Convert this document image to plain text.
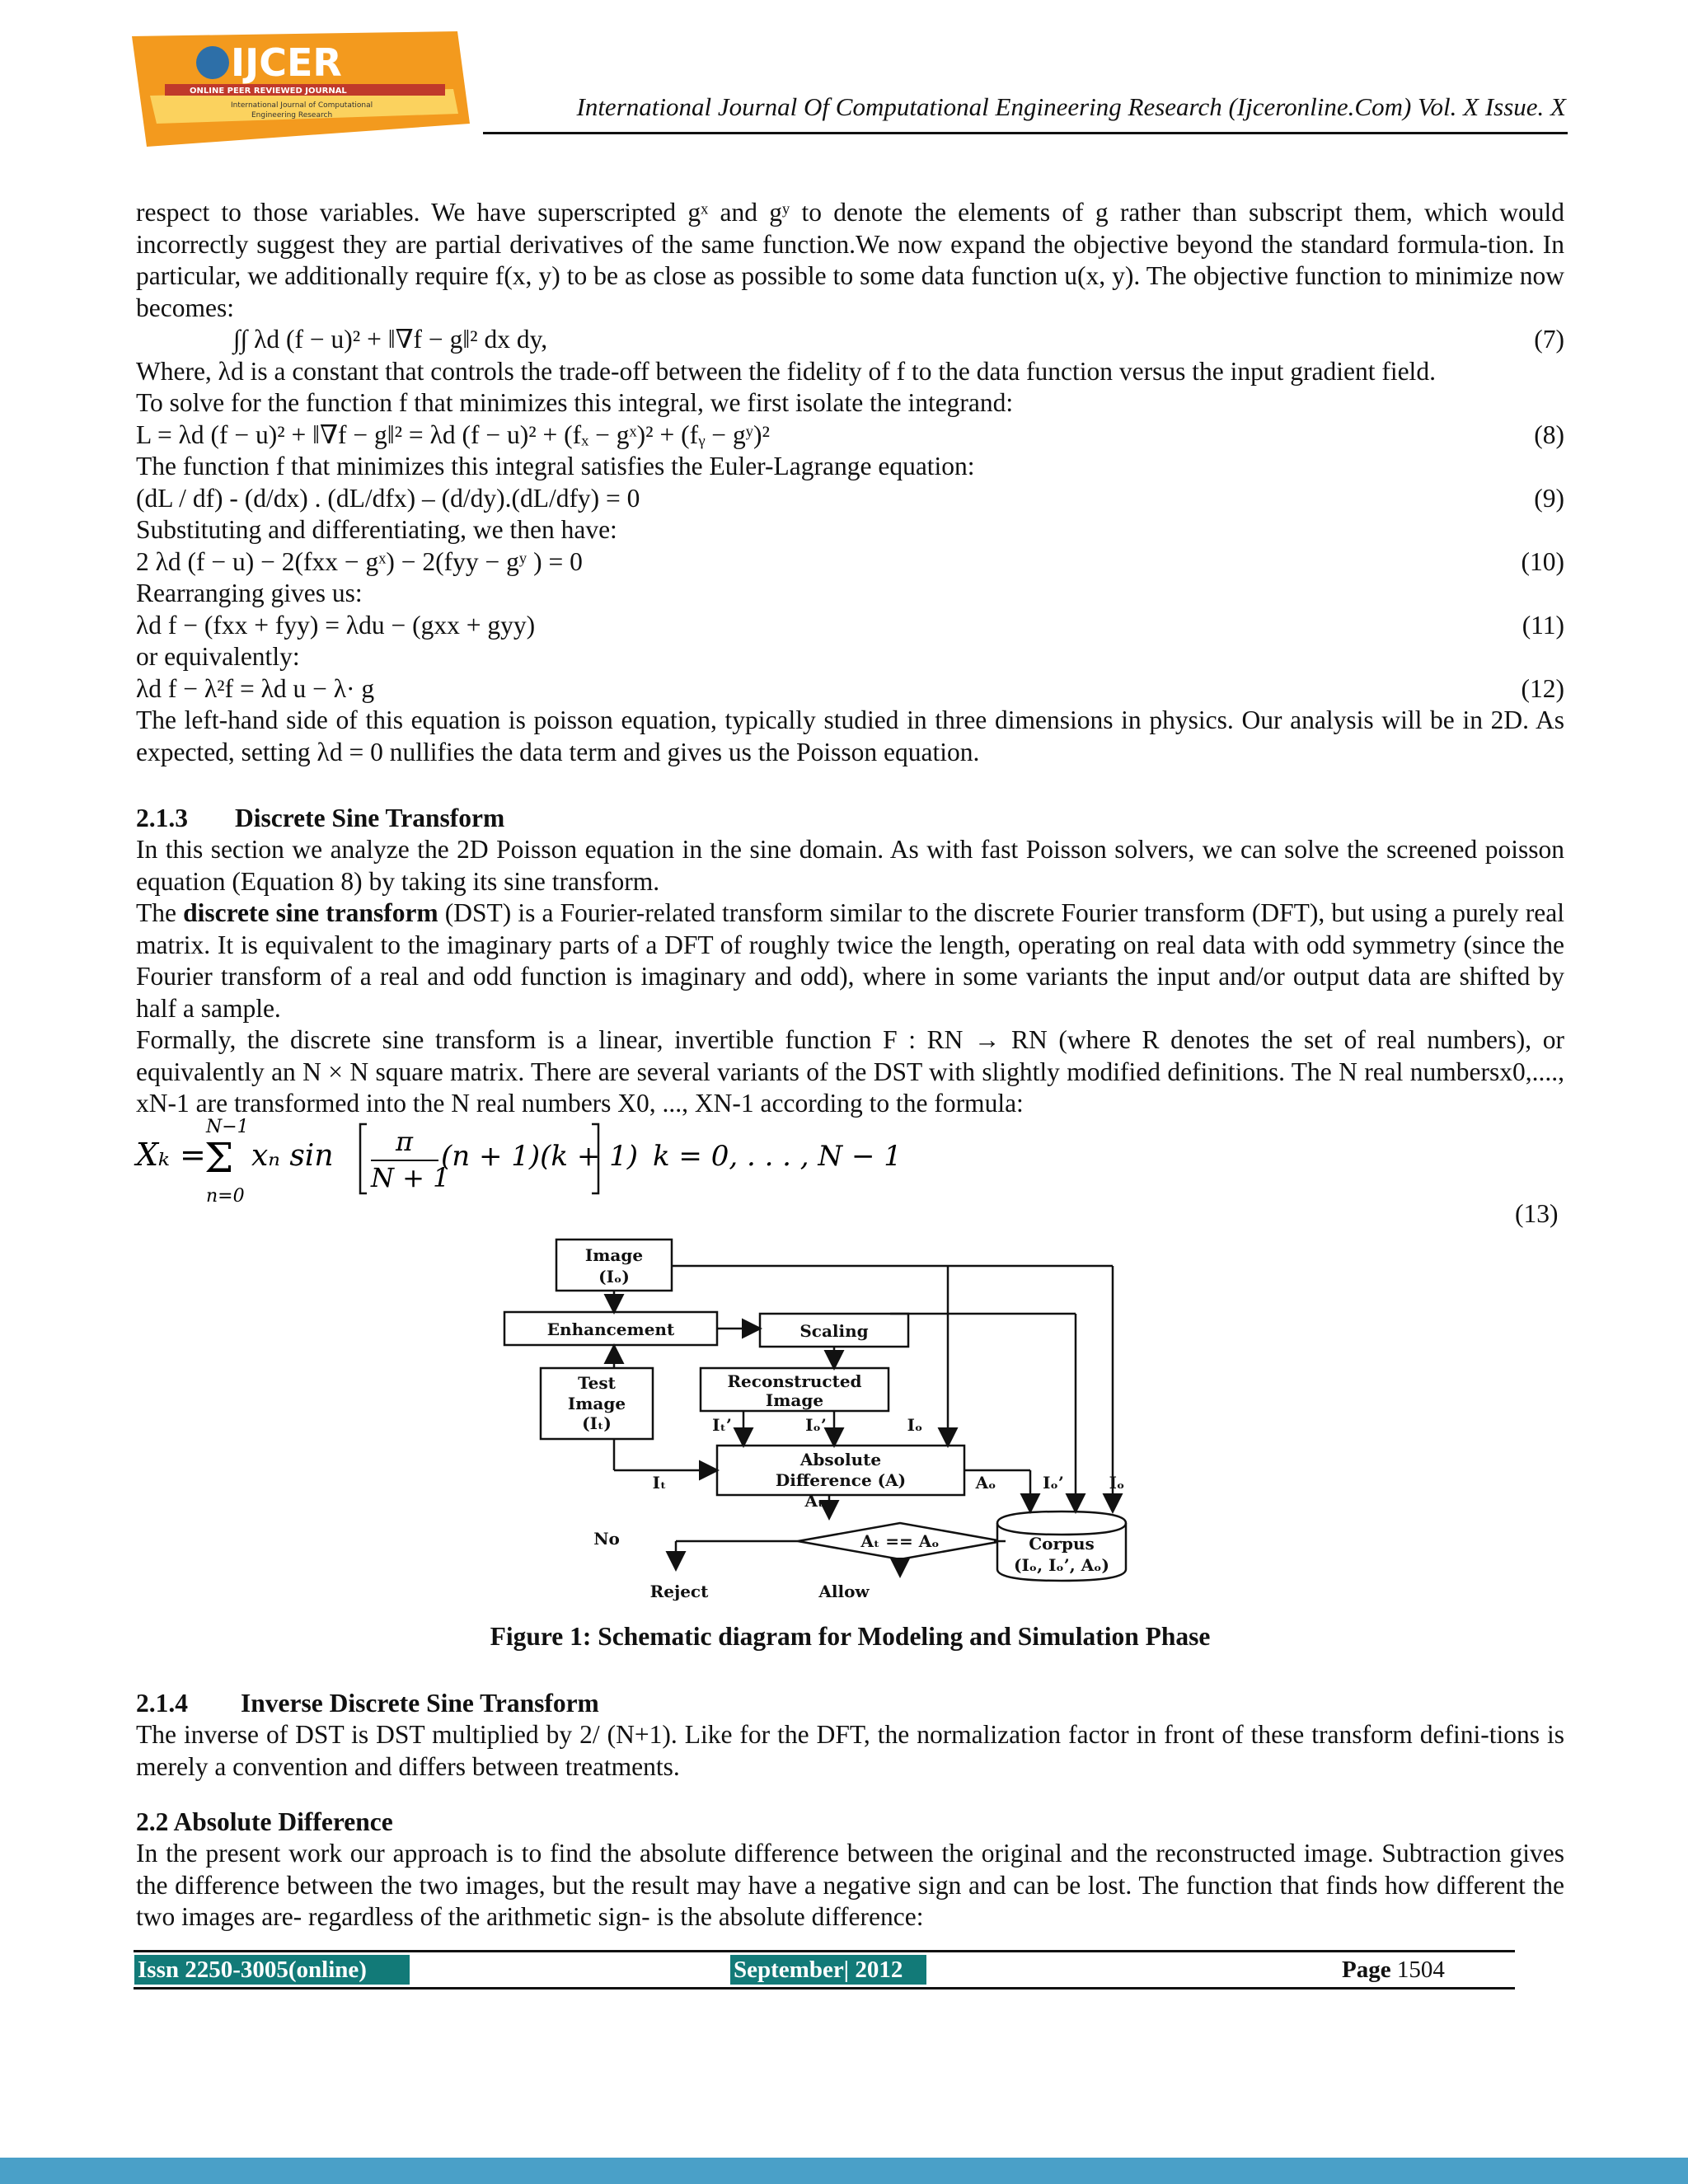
IJCER
ONLINE PEER REVIEWED JOURNAL
International Journal of Computational
Engineering Research	International Journal Of Computational Engineering Research (Ijceronline.Com) Vol. X Issue. X
respect to those variables. We have superscripted gˣ and gʸ to denote the elements of g rather than subscript them, which would incorrectly suggest they are partial derivatives of the same function.We now expand the objective beyond the standard formula-tion. In particular, we additionally require f(x, y) to be as close as possible to some data function u(x, y). The objective function to minimize now becomes:
∫∫ λd (f − u)² + ‖∇f − g‖² dx dy,	(7)
Where, λd is a constant that controls the trade-off between the fidelity of f to the data function versus the input gradient field.
To solve for the function f that minimizes this integral, we first isolate the integrand:
L = λd (f − u)² + ‖∇f − g‖² = λd (f − u)² + (fₓ − gˣ)² + (fᵧ − gʸ)²	(8)
The function f that minimizes this integral satisfies the Euler-Lagrange equation:
(dL / df) - (d/dx) . (dL/dfx) – (d/dy).(dL/dfy) = 0	(9)
Substituting and differentiating, we then have:
2 λd (f − u) − 2(fxx − gˣ) − 2(fyy − gʸ ) = 0	(10)
Rearranging gives us:
λd f − (fxx + fyy) = λdu − (gxx + gyy)	(11)
or equivalently:
λd f − λ²f = λd u − λ· g	(12)
The left-hand side of this equation is poisson equation, typically studied in three dimensions in physics. Our analysis will be in 2D. As expected, setting λd = 0 nullifies the data term and gives us the Poisson equation.
2.1.3 Discrete Sine Transform
In this section we analyze the 2D Poisson equation in the sine domain. As with fast Poisson solvers, we can solve the screened poisson equation (Equation 8) by taking its sine transform.
The discrete sine transform (DST) is a Fourier-related transform similar to the discrete Fourier transform (DFT), but using a purely real matrix. It is equivalent to the imaginary parts of a DFT of roughly twice the length, operating on real data with odd symmetry (since the Fourier transform of a real and odd function is imaginary and odd), where in some variants the input and/or output data are shifted by half a sample.
Formally, the discrete sine transform is a linear, invertible function F : RN → RN (where R denotes the set of real numbers), or equivalently an N × N square matrix. There are several variants of the DST with slightly modified definitions. The N real numbersx0,...., xN-1 are transformed into the N real numbers X0, ..., XN-1 according to the formula:
Xₖ =
N−1
Σ
n=0
xₙ sin π
N + 1
(n + 1)(k + 1) k = 0, . . . , N − 1
(13)
Image
(Iₒ)
Enhancement	Scaling
Test
Image
(Iₜ)
Reconstructed
Image
Absolute
Difference (A)
Iₜ’	Iₒ’	Iₒ
Iₜ
Aₜ
Aₒ	Iₒ’	Iₒ
Aₜ == Aₒ
No
Reject	Allow
Corpus
(Iₒ, Iₒ’, Aₒ)
Figure 1: Schematic diagram for Modeling and Simulation Phase
2.1.4 Inverse Discrete Sine Transform
The inverse of DST is DST multiplied by 2/ (N+1). Like for the DFT, the normalization factor in front of these transform defini-tions is merely a convention and differs between treatments.
2.2 Absolute Difference
In the present work our approach is to find the absolute difference between the original and the reconstructed image. Subtraction gives the difference between the two images, but the result may have a negative sign and can be lost. The function that finds how different the two images are- regardless of the arithmetic sign- is the absolute difference:
Issn 2250-3005(online)	September| 2012	Page 1504
